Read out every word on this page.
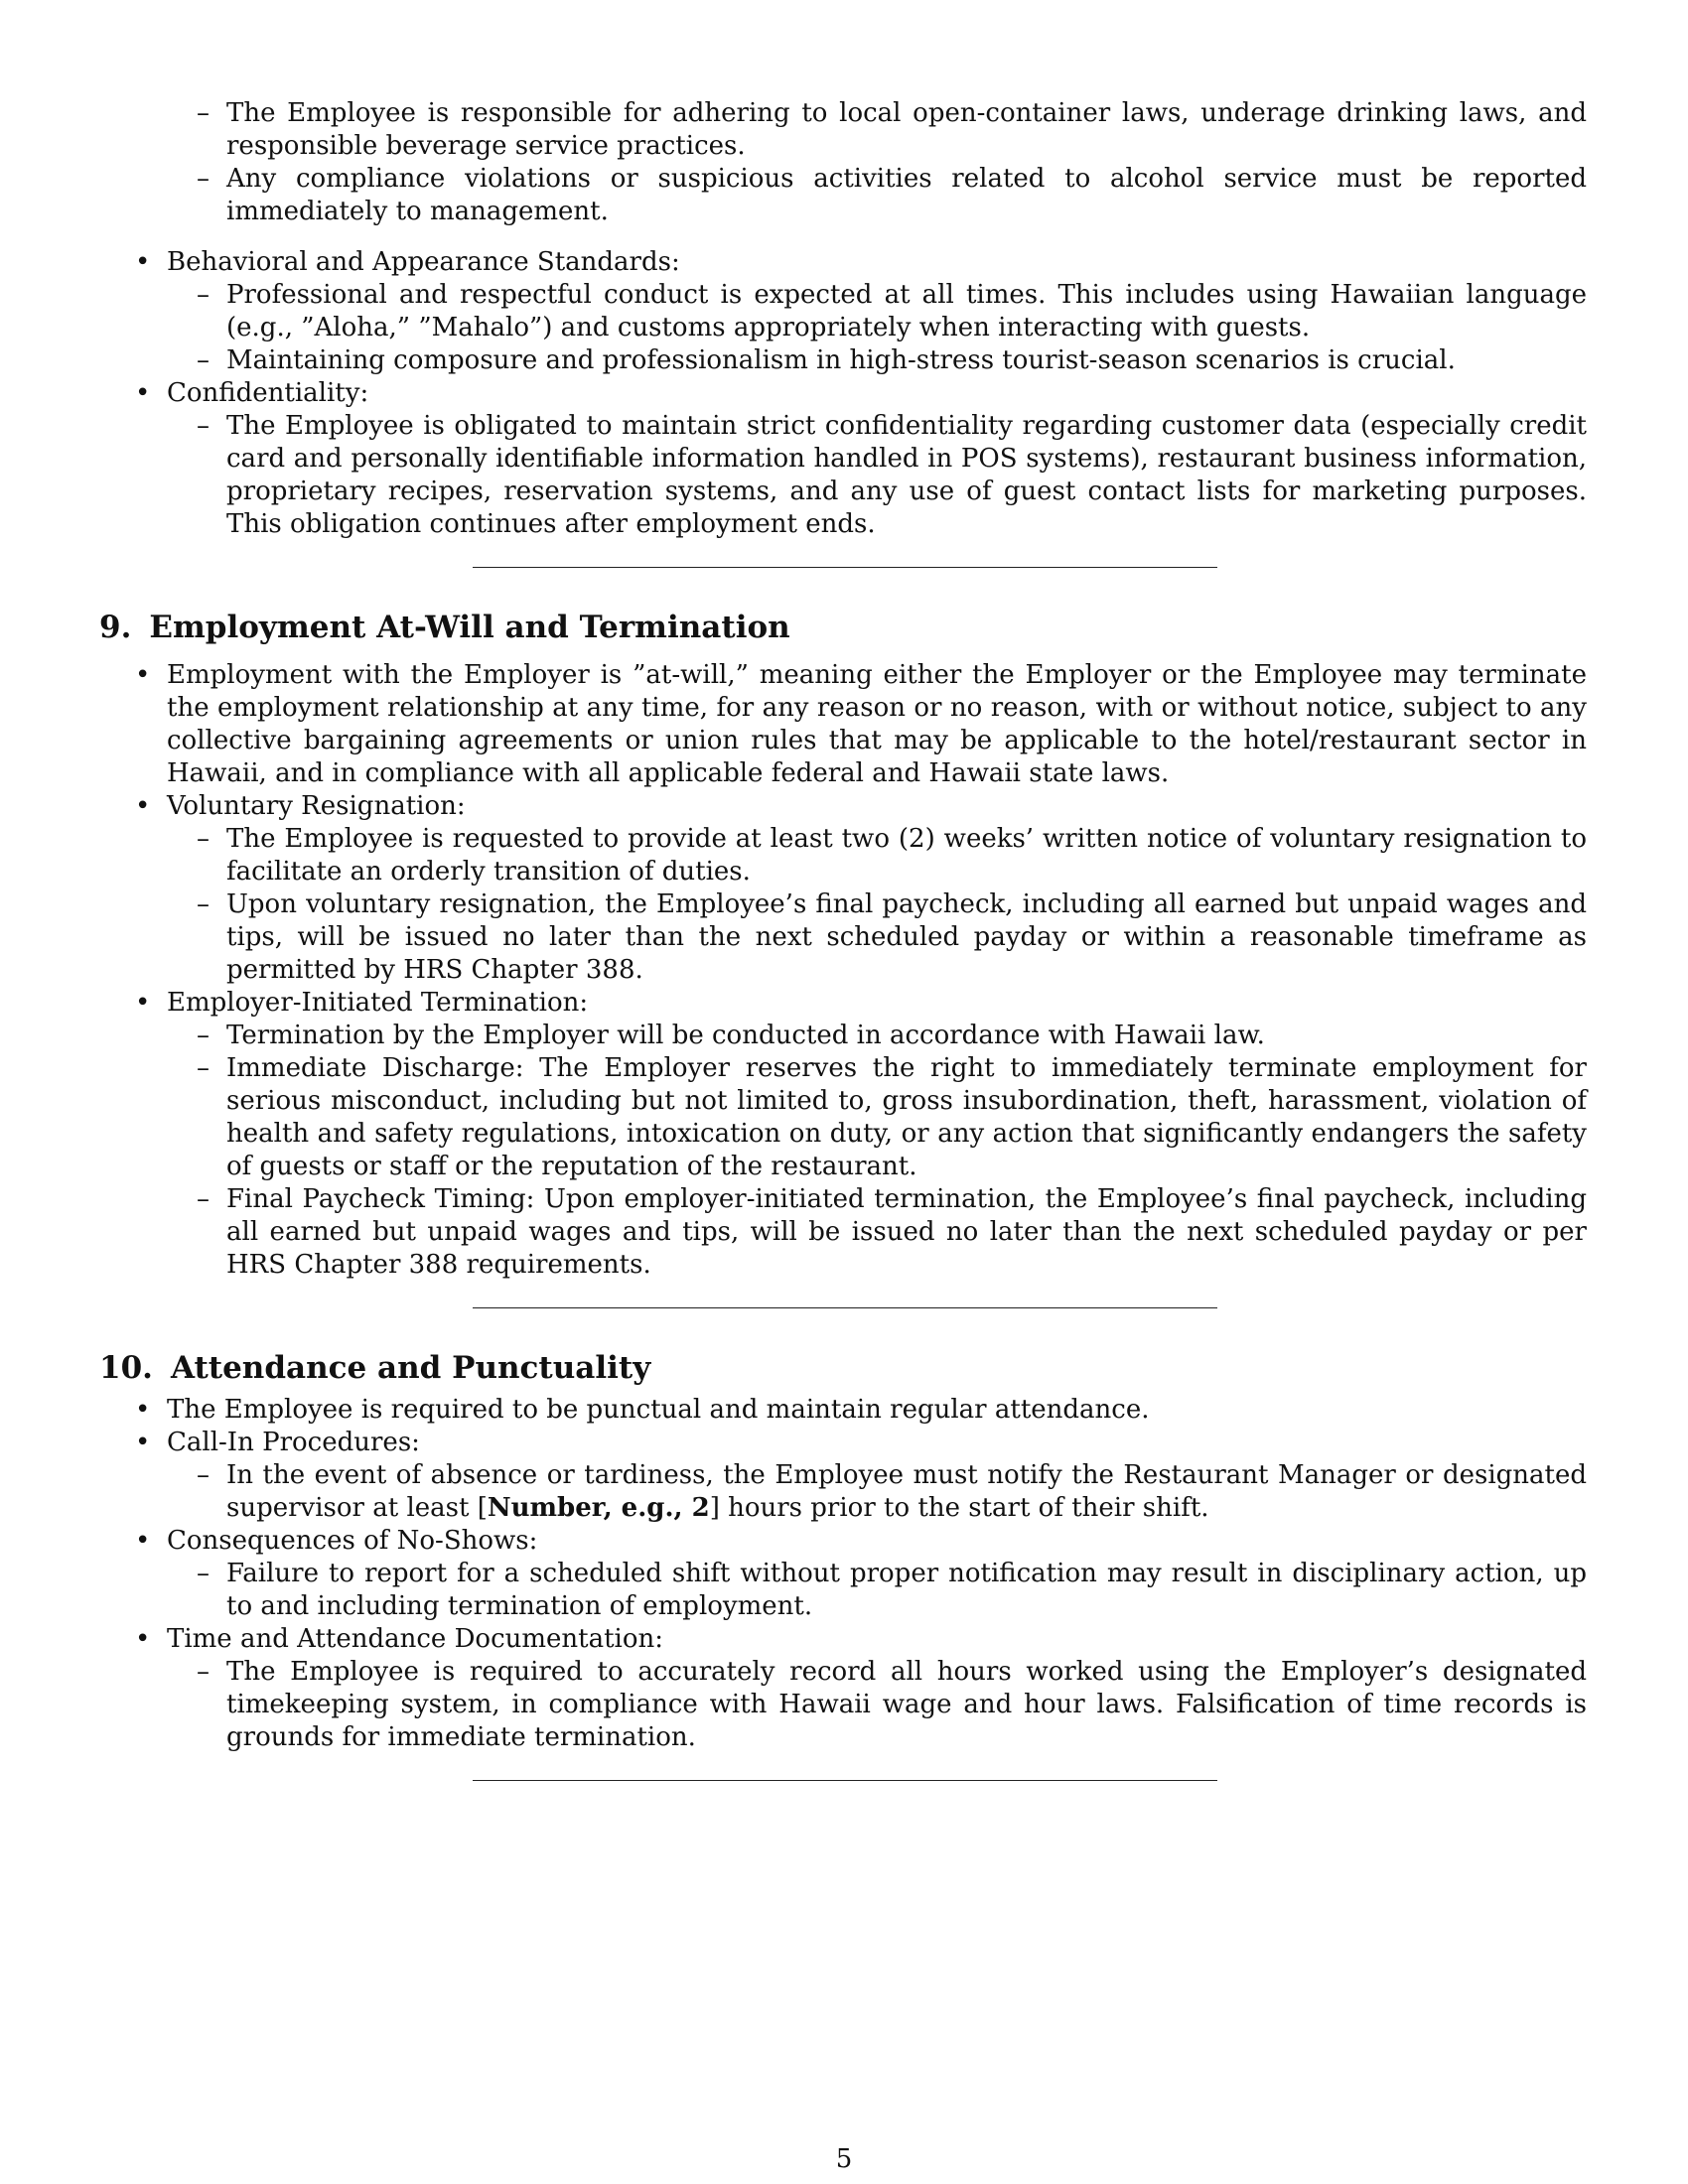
– The Employee is responsible for adhering to local open-container laws, underage drinking laws, and responsible beverage service practices.
– Any compliance violations or suspicious activities related to alcohol service must be reported immediately to management.
• Behavioral and Appearance Standards:
– Professional and respectful conduct is expected at all times. This includes using Hawaiian language (e.g., ”Aloha,” ”Mahalo”) and customs appropriately when interacting with guests.
– Maintaining composure and professionalism in high-stress tourist-season scenarios is crucial.
• Confidentiality:
– The Employee is obligated to maintain strict confidentiality regarding customer data (especially credit card and personally identifiable information handled in POS systems), restaurant business information, proprietary recipes, reservation systems, and any use of guest contact lists for marketing purposes. This obligation continues after employment ends.
9. Employment At-Will and Termination
• Employment with the Employer is ”at-will,” meaning either the Employer or the Employee may terminate the employment relationship at any time, for any reason or no reason, with or without notice, subject to any collective bargaining agreements or union rules that may be applicable to the hotel/restaurant sector in Hawaii, and in compliance with all applicable federal and Hawaii state laws.
• Voluntary Resignation:
– The Employee is requested to provide at least two (2) weeks’ written notice of voluntary resignation to facilitate an orderly transition of duties.
– Upon voluntary resignation, the Employee’s final paycheck, including all earned but unpaid wages and tips, will be issued no later than the next scheduled payday or within a reasonable timeframe as permitted by HRS Chapter 388.
• Employer-Initiated Termination:
– Termination by the Employer will be conducted in accordance with Hawaii law.
– Immediate Discharge: The Employer reserves the right to immediately terminate employment for serious misconduct, including but not limited to, gross insubordination, theft, harassment, violation of health and safety regulations, intoxication on duty, or any action that significantly endangers the safety of guests or staff or the reputation of the restaurant.
– Final Paycheck Timing: Upon employer-initiated termination, the Employee’s final paycheck, including all earned but unpaid wages and tips, will be issued no later than the next scheduled payday or per HRS Chapter 388 requirements.
10. Attendance and Punctuality
• The Employee is required to be punctual and maintain regular attendance.
• Call-In Procedures:
– In the event of absence or tardiness, the Employee must notify the Restaurant Manager or designated supervisor at least [Number, e.g., 2] hours prior to the start of their shift.
• Consequences of No-Shows:
– Failure to report for a scheduled shift without proper notification may result in disciplinary action, up to and including termination of employment.
• Time and Attendance Documentation:
– The Employee is required to accurately record all hours worked using the Employer’s designated timekeeping system, in compliance with Hawaii wage and hour laws. Falsification of time records is grounds for immediate termination.
5
